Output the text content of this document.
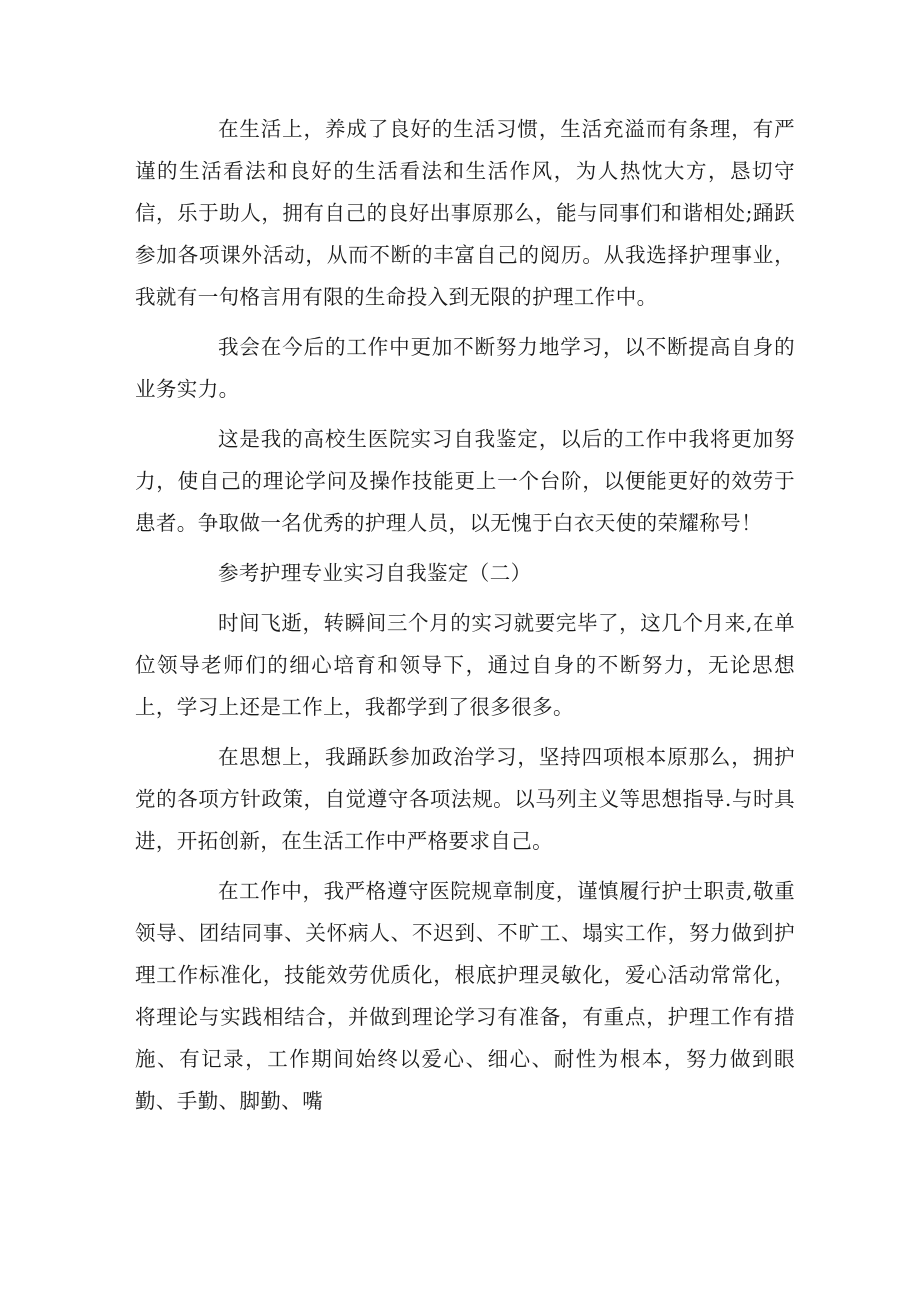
在生活上，养成了良好的生活习惯，生活充溢而有条理，有严谨的生活看法和良好的生活看法和生活作风，为人热忱大方，恳切守信，乐于助人，拥有自己的良好出事原那么，能与同事们和谐相处;踊跃参加各项课外活动，从而不断的丰富自己的阅历。从我选择护理事业，我就有一句格言用有限的生命投入到无限的护理工作中。

我会在今后的工作中更加不断努力地学习，以不断提高自身的业务实力。

这是我的高校生医院实习自我鉴定，以后的工作中我将更加努力，使自己的理论学问及操作技能更上一个台阶，以便能更好的效劳于患者。争取做一名优秀的护理人员，以无愧于白衣天使的荣耀称号！

参考护理专业实习自我鉴定（二）

时间飞逝，转瞬间三个月的实习就要完毕了，这几个月来,在单位领导老师们的细心培育和领导下，通过自身的不断努力，无论思想上，学习上还是工作上，我都学到了很多很多。

在思想上，我踊跃参加政治学习，坚持四项根本原那么，拥护党的各项方针政策，自觉遵守各项法规。以马列主义等思想指导.与时具进，开拓创新，在生活工作中严格要求自己。

在工作中，我严格遵守医院规章制度，谨慎履行护士职责,敬重领导、团结同事、关怀病人、不迟到、不旷工、塌实工作，努力做到护理工作标准化，技能效劳优质化，根底护理灵敏化，爱心活动常常化，将理论与实践相结合，并做到理论学习有准备，有重点，护理工作有措施、有记录，工作期间始终以爱心、细心、耐性为根本，努力做到眼勤、手勤、脚勤、嘴
